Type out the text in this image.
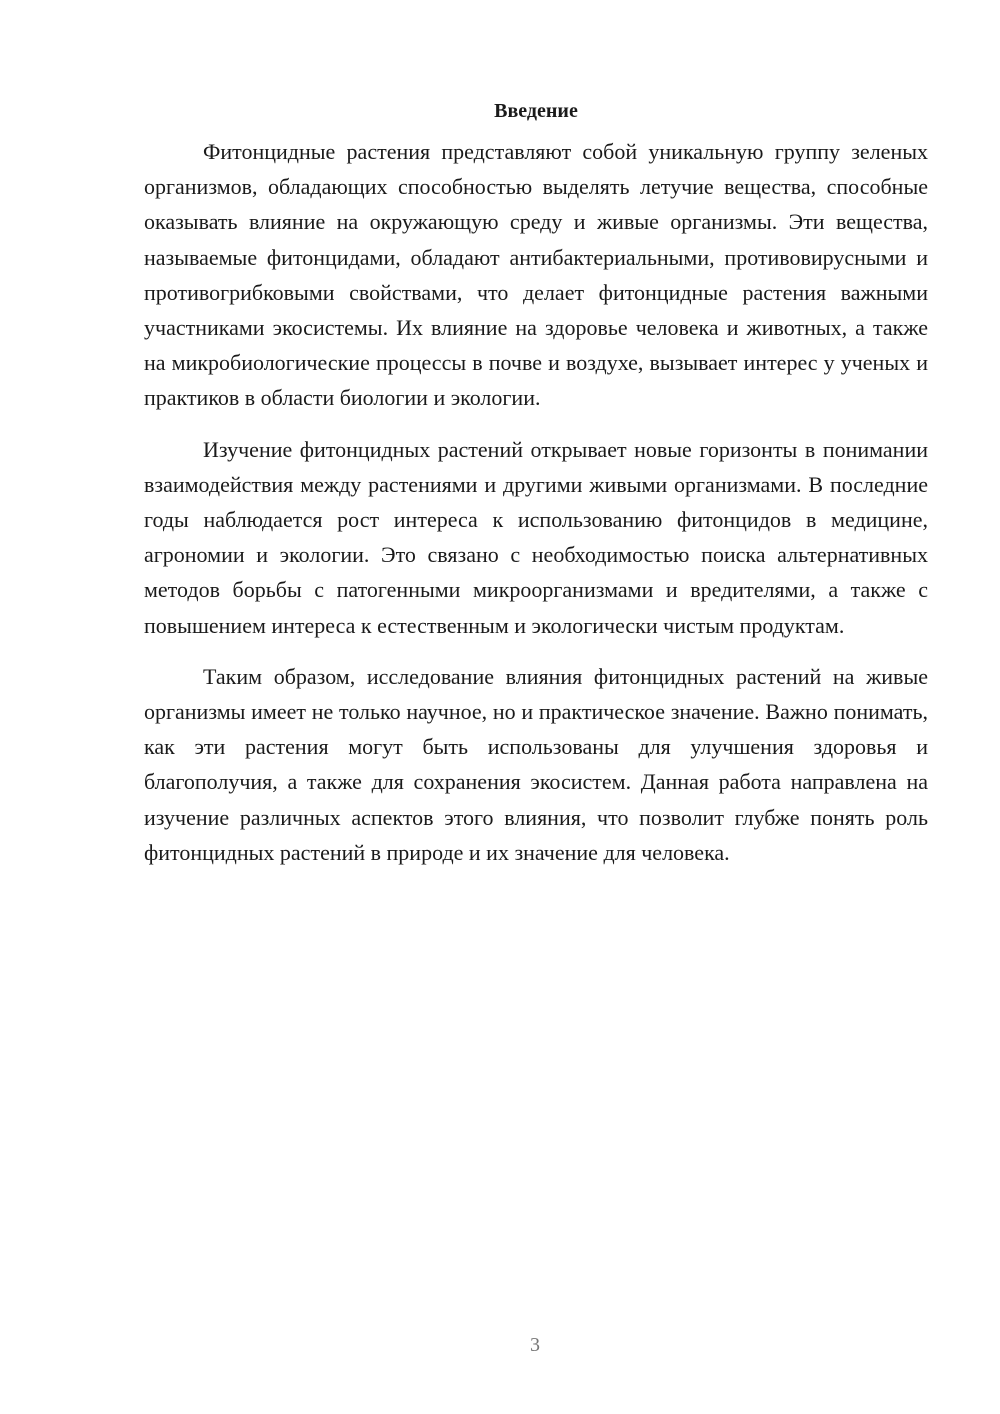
Введение

Фитонцидные растения представляют собой уникальную группу зеленых организмов, обладающих способностью выделять летучие вещества, способные оказывать влияние на окружающую среду и живые организмы. Эти вещества, называемые фитонцидами, обладают антибактериальными, противовирусными и противогрибковыми свойствами, что делает фитонцидные растения важными участниками экосистемы. Их влияние на здоровье человека и животных, а также на микробиологические процессы в почве и воздухе, вызывает интерес у ученых и практиков в области биологии и экологии.

Изучение фитонцидных растений открывает новые горизонты в понимании взаимодействия между растениями и другими живыми организмами. В последние годы наблюдается рост интереса к использованию фитонцидов в медицине, агрономии и экологии. Это связано с необходимостью поиска альтернативных методов борьбы с патогенными микроорганизмами и вредителями, а также с повышением интереса к естественным и экологически чистым продуктам.

Таким образом, исследование влияния фитонцидных растений на живые организмы имеет не только научное, но и практическое значение. Важно понимать, как эти растения могут быть использованы для улучшения здоровья и благополучия, а также для сохранения экосистем. Данная работа направлена на изучение различных аспектов этого влияния, что позволит глубже понять роль фитонцидных растений в природе и их значение для человека.

3
